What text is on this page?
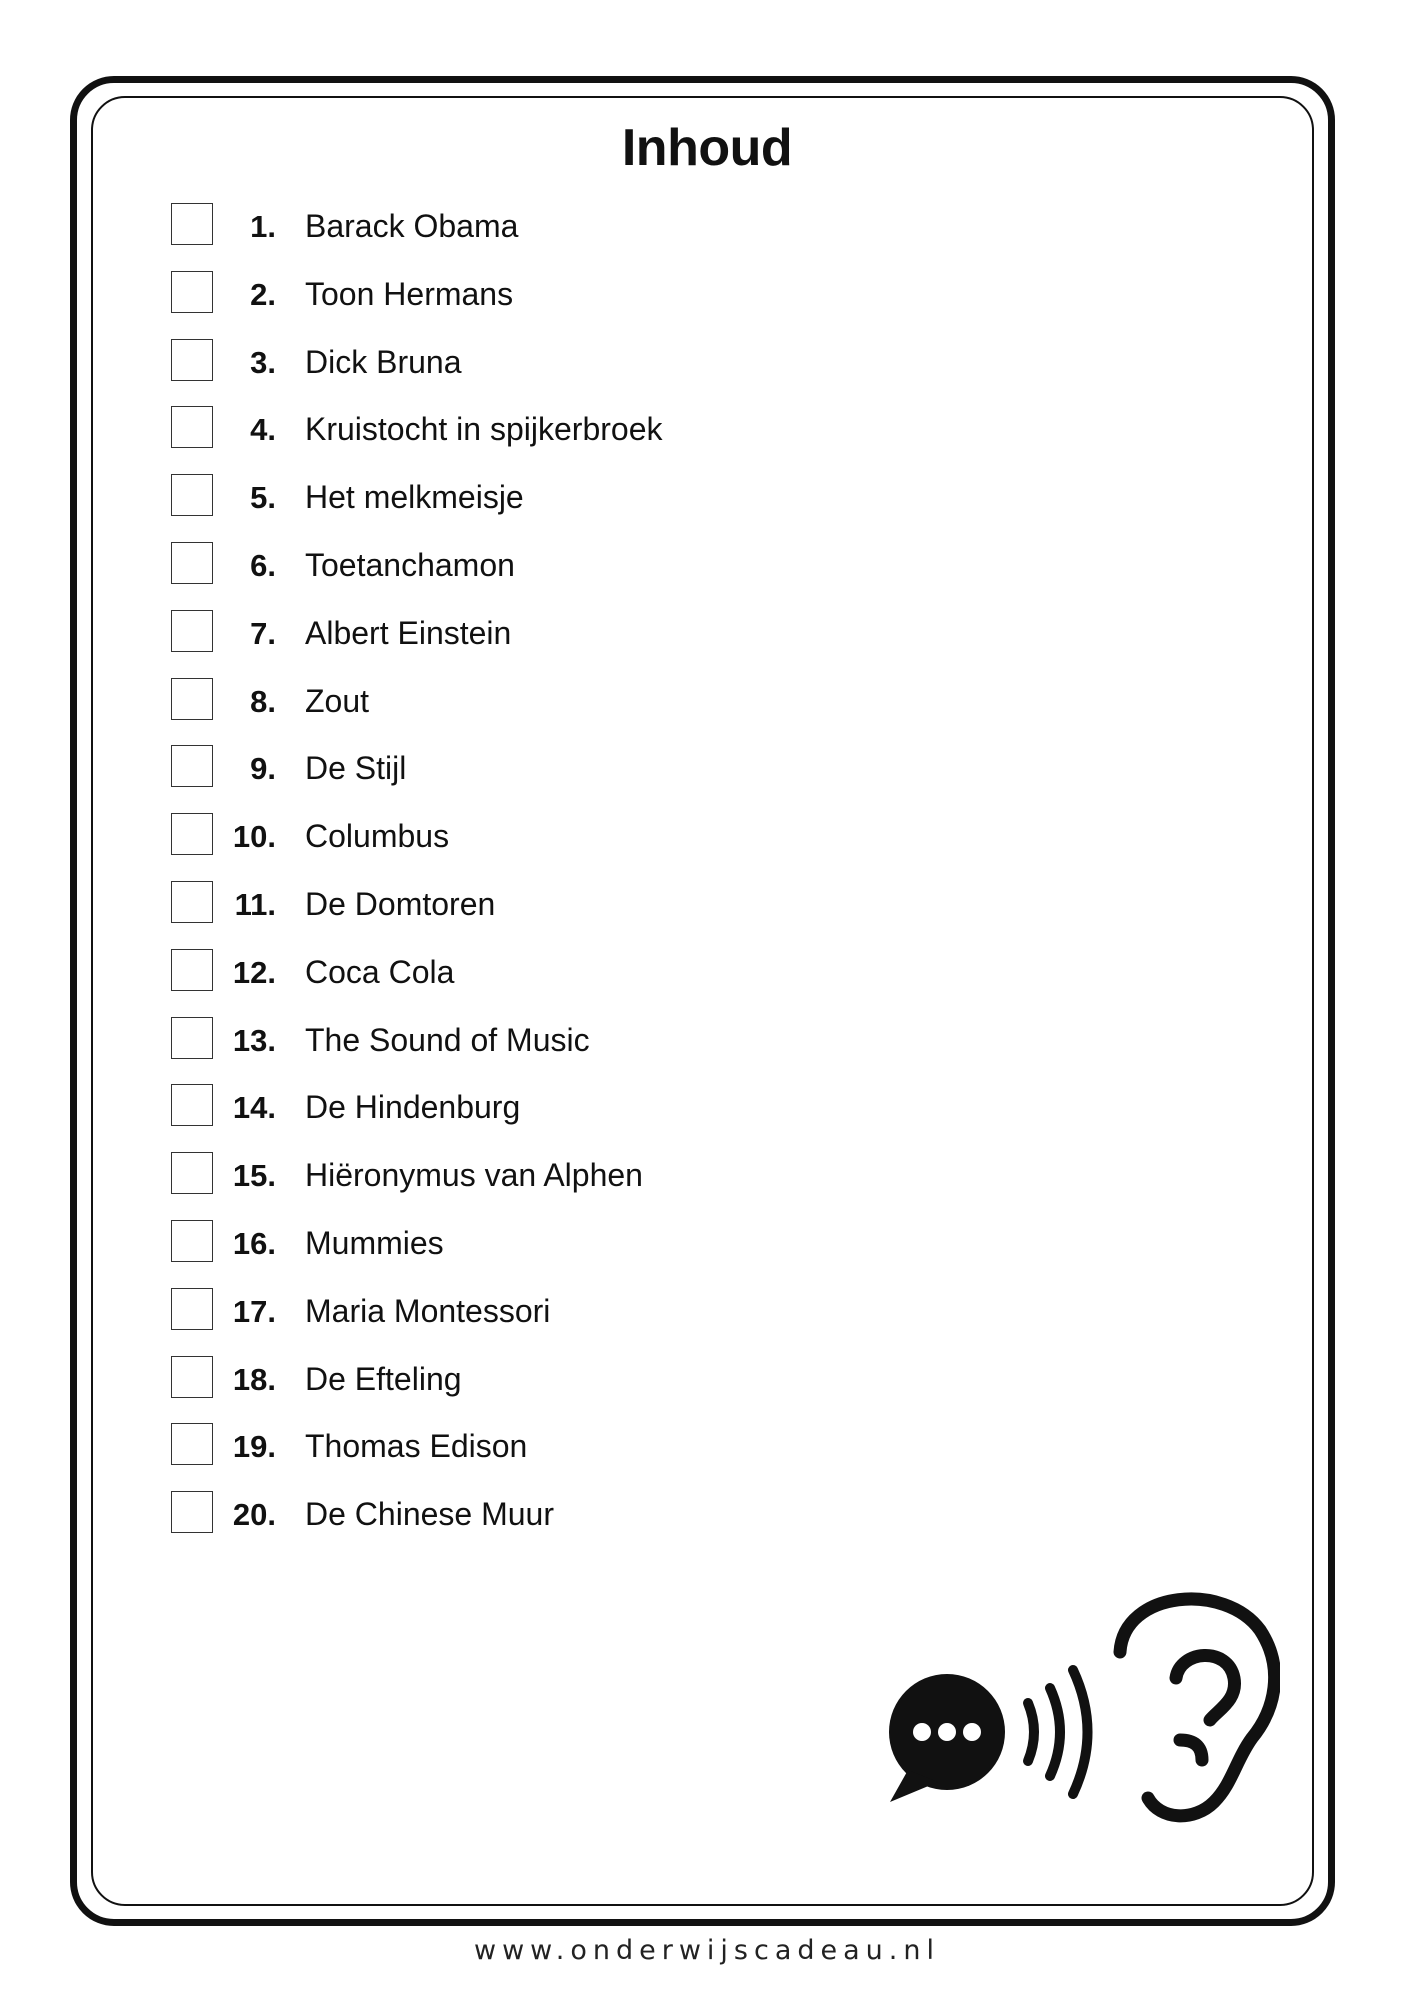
Inhoud
1. Barack Obama
2. Toon Hermans
3. Dick Bruna
4. Kruistocht in spijkerbroek
5. Het melkmeisje
6. Toetanchamon
7. Albert Einstein
8. Zout
9. De Stijl
10. Columbus
11. De Domtoren
12. Coca Cola
13. The Sound of Music
14. De Hindenburg
15. Hiëronymus van Alphen
16. Mummies
17. Maria Montessori
18. De Efteling
19. Thomas Edison
20. De Chinese Muur
www.onderwijscadeau.nl
